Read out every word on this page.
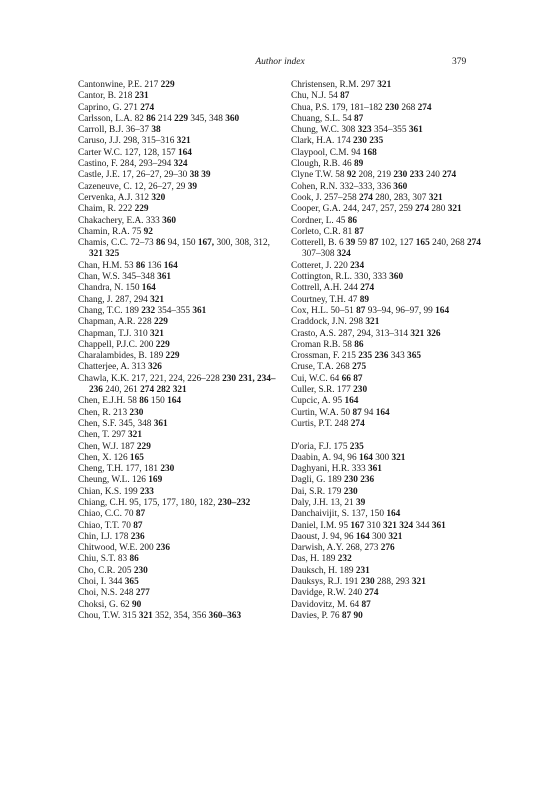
Author index	379
Cantonwine, P.E. 217 229
Cantor, B. 218 231
Caprino, G. 271 274
Carlsson, L.A. 82 86 214 229 345, 348 360
Carroll, B.J. 36–37 38
Caruso, J.J. 298, 315–316 321
Carter W.C. 127, 128, 157 164
Castino, F. 284, 293–294 324
Castle, J.E. 17, 26–27, 29–30 38 39
Cazeneuve, C. 12, 26–27, 29 39
Cervenka, A.J. 312 320
Chaim, R. 222 229
Chakachery, E.A. 333 360
Chamin, R.A. 75 92
Chamis, C.C. 72–73 86 94, 150 167, 300, 308, 312, 321 325
Chan, H.M. 53 86 136 164
Chan, W.S. 345–348 361
Chandra, N. 150 164
Chang, J. 287, 294 321
Chang, T.C. 189 232 354–355 361
Chapman, A.R. 228 229
Chapman, T.J. 310 321
Chappell, P.J.C. 200 229
Charalambides, B. 189 229
Chatterjee, A. 313 326
Chawla, K.K. 217, 221, 224, 226–228 230 231, 234–236 240, 261 274 282 321
Chen, E.J.H. 58 86 150 164
Chen, R. 213 230
Chen, S.F. 345, 348 361
Chen, T. 297 321
Chen, W.J. 187 229
Chen, X. 126 165
Cheng, T.H. 177, 181 230
Cheung, W.L. 126 169
Chian, K.S. 199 233
Chiang, C.H. 95, 175, 177, 180, 182, 230–232
Chiao, C.C. 70 87
Chiao, T.T. 70 87
Chin, I.J. 178 236
Chitwood, W.E. 200 236
Chiu, S.T. 83 86
Cho, C.R. 205 230
Choi, I. 344 365
Choi, N.S. 248 277
Choksi, G. 62 90
Chou, T.W. 315 321 352, 354, 356 360–363
Christensen, R.M. 297 321
Chu, N.J. 54 87
Chua, P.S. 179, 181–182 230 268 274
Chuang, S.L. 54 87
Chung, W.C. 308 323 354–355 361
Clark, H.A. 174 230 235
Claypool, C.M. 94 168
Clough, R.B. 46 89
Clyne T.W. 58 92 208, 219 230 233 240 274
Cohen, R.N. 332–333, 336 360
Cook, J. 257–258 274 280, 283, 307 321
Cooper, G.A. 244, 247, 257, 259 274 280 321
Cordner, L. 45 86
Corleto, C.R. 81 87
Cotterell, B. 6 39 59 87 102, 127 165 240, 268 274 307–308 324
Cotteret, J. 220 234
Cottington, R.L. 330, 333 360
Cottrell, A.H. 244 274
Courtney, T.H. 47 89
Cox, H.L. 50–51 87 93–94, 96–97, 99 164
Craddock, J.N. 298 321
Crasto, A.S. 287, 294, 313–314 321 326
Croman R.B. 58 86
Crossman, F. 215 235 236 343 365
Cruse, T.A. 268 275
Cui, W.C. 64 66 87
Culler, S.R. 177 230
Cupcic, A. 95 164
Curtin, W.A. 50 87 94 164
Curtis, P.T. 248 274
D'oria, F.J. 175 235
Daabin, A. 94, 96 164 300 321
Daghyani, H.R. 333 361
Dagli, G. 189 230 236
Dai, S.R. 179 230
Daly, J.H. 13, 21 39
Danchaivijit, S. 137, 150 164
Daniel, I.M. 95 167 310 321 324 344 361
Daoust, J. 94, 96 164 300 321
Darwish, A.Y. 268, 273 276
Das, H. 189 232
Dauksch, H. 189 231
Dauksys, R.J. 191 230 288, 293 321
Davidge, R.W. 240 274
Davidovitz, M. 64 87
Davies, P. 76 87 90
